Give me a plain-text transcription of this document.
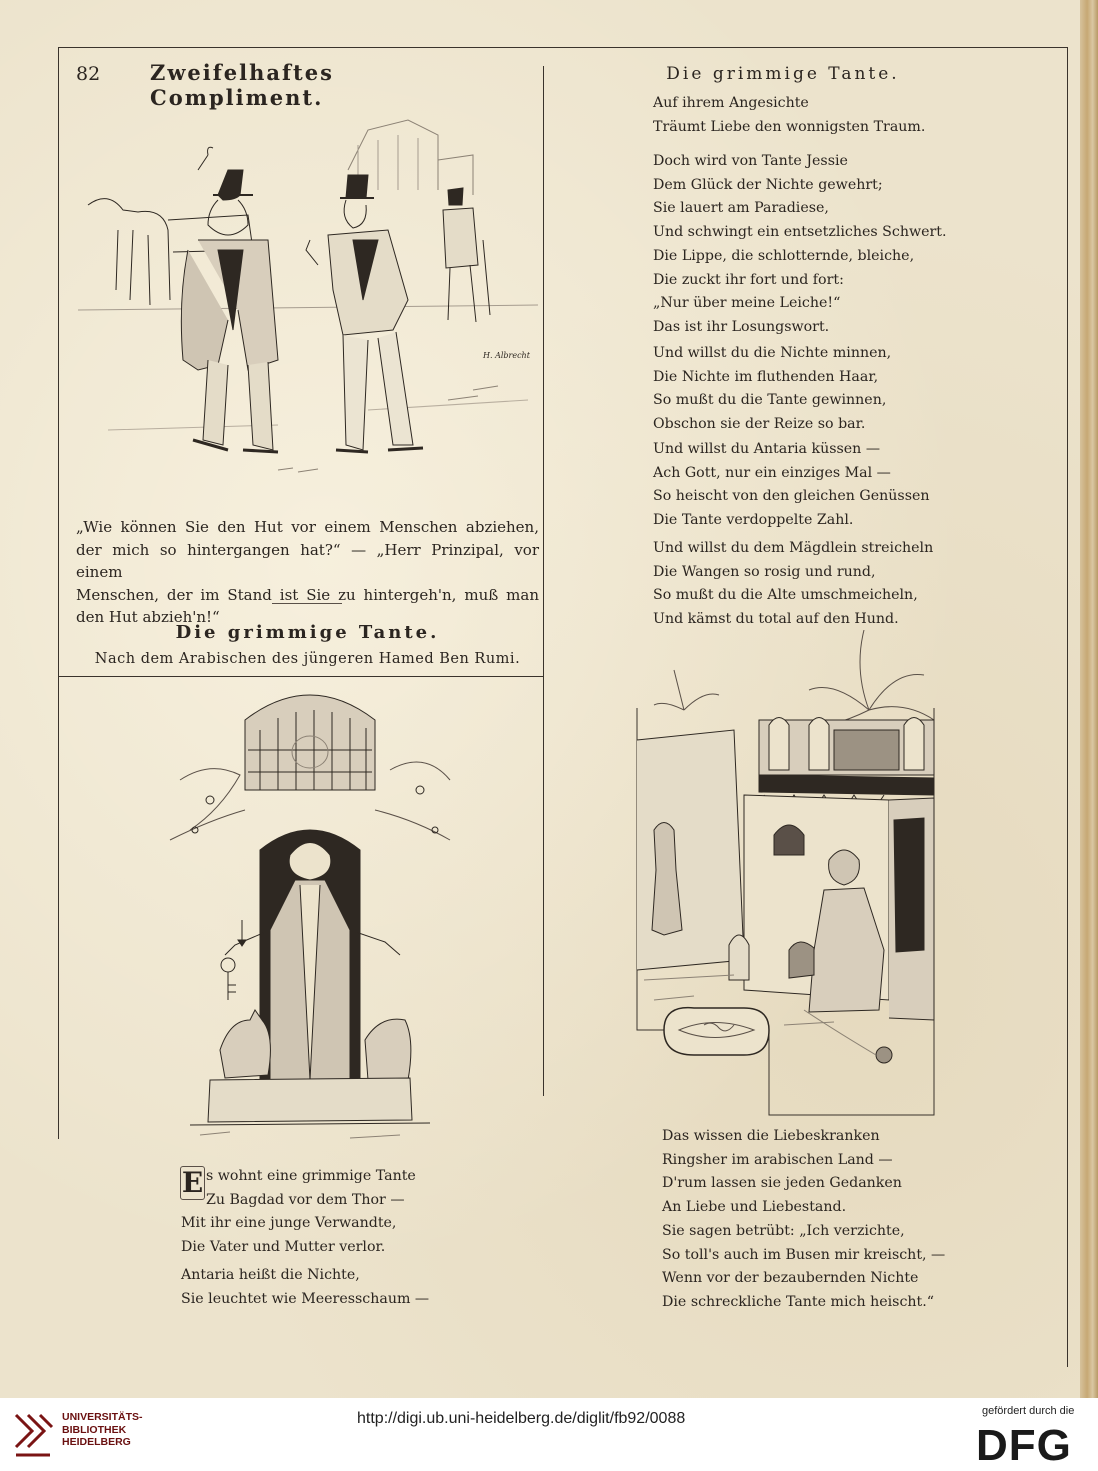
82 Zweifelhaftes Compliment.
Die grimmige Tante.
Auf ihrem Angesichte
Träumt Liebe den wonnigsten Traum.
Doch wird von Tante Jessie
Dem Glück der Nichte gewehrt;
Sie lauert am Paradiese,
Und schwingt ein entsetzliches Schwert.
Die Lippe, die schlotternde, bleiche,
Die zuckt ihr fort und fort:
„Nur über meine Leiche!“
Das ist ihr Losungswort.
Und willst du die Nichte minnen,
Die Nichte im fluthenden Haar,
So mußt du die Tante gewinnen,
Obschon sie der Reize so bar.
Und willst du Antaria küssen —
Ach Gott, nur ein einziges Mal —
So heischt von den gleichen Genüssen
Die Tante verdoppelte Zahl.
Und willst du dem Mägdlein streicheln
Die Wangen so rosig und rund,
So mußt du die Alte umschmeicheln,
Und kämst du total auf den Hund.
H. Albrecht
„Wie können Sie den Hut vor einem Menschen abziehen,
der mich so hintergangen hat?“ — „Herr Prinzipal, vor einem
Menschen, der im Stand ist Sie zu hintergeh'n, muß man
den Hut abzieh'n!“
Die grimmige Tante.
Nach dem Arabischen des jüngeren Hamed Ben Rumi.
E s wohnt eine grimmige Tante
Zu Bagdad vor dem Thor —
Mit ihr eine junge Verwandte,
Die Vater und Mutter verlor.
Antaria heißt die Nichte,
Sie leuchtet wie Meeresschaum —
Das wissen die Liebeskranken
Ringsher im arabischen Land —
D'rum lassen sie jeden Gedanken
An Liebe und Liebestand.
Sie sagen betrübt: „Ich verzichte,
So toll's auch im Busen mir kreischt, —
Wenn vor der bezaubernden Nichte
Die schreckliche Tante mich heischt.“
UNIVERSITÄTS-
BIBLIOTHEK
HEIDELBERG
http://digi.ub.uni-heidelberg.de/diglit/fb92/0088	gefördert durch die
DFG
